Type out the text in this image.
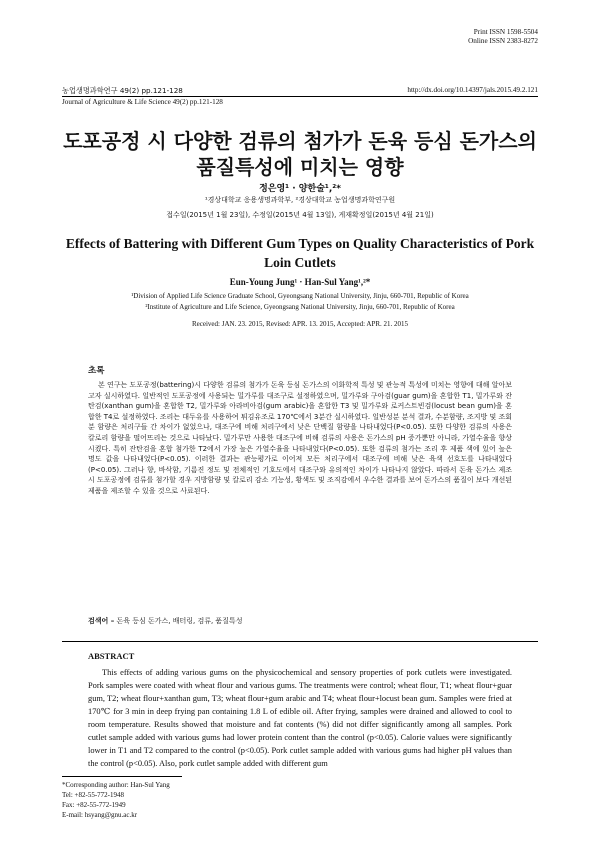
Print ISSN 1598-5504
Online ISSN 2383-8272
농업생명과학연구 49(2) pp.121-128	http://dx.doi.org/10.14397/jals.2015.49.2.121
Journal of Agriculture & Life Science 49(2) pp.121-128
도포공정 시 다양한 검류의 첨가가 돈육 등심 돈가스의 품질특성에 미치는 영향
정은영¹ · 양한술¹,²*
¹경상대학교 응용생명과학부, ²경상대학교 농업생명과학연구원
접수일(2015년 1월 23일), 수정일(2015년 4월 13일), 게재확정일(2015년 4월 21일)
Effects of Battering with Different Gum Types on Quality Characteristics of Pork Loin Cutlets
Eun-Young Jung¹ · Han-Sul Yang¹,²*
¹Division of Applied Life Science Graduate School, Gyeongsang National University, Jinju, 660-701, Republic of Korea
²Institute of Agriculture and Life Science, Gyeongsang National University, Jinju, 660-701, Republic of Korea
Received: JAN. 23. 2015, Revised: APR. 13. 2015, Accepted: APR. 21. 2015
초록
본 연구는 도포공정(battering)시 다양한 검류의 첨가가 돈육 등심 돈가스의 이화학적 특성 및 관능적 특성에 미치는 영향에 대해 알아보고자 실시하였다. 일반적인 도포공정에 사용되는 밀가루를 대조구로 설정하였으며, 밀가루와 구아검(guar gum)을 혼합한 T1, 밀가루와 잔탄검(xanthan gum)을 혼합한 T2, 밀가루와 아라비아검(gum arabic)을 혼합한 T3 및 밀가루와 로커스트빈검(locust bean gum)을 혼합한 T4로 설정하였다. 조리는 대두유를 사용하여 튀김유조로 170℃에서 3분간 실시하였다. 일반성분 분석 결과, 수분함량, 조지방 및 조회분 함량은 처리구들 간 차이가 없었으나, 대조구에 비해 처리구에서 낮은 단백질 함량을 나타내었다(P<0.05). 또한 다양한 검류의 사용은 칼로리 함량을 떨어뜨리는 것으로 나타났다. 밀가루만 사용한 대조구에 비해 검류의 사용은 돈가스의 pH 증가뿐만 아니라, 가열수율을 향상시켰다. 특히 잔탄검을 혼합 첨가한 T2에서 가장 높은 가열수율을 나타내었다(P<0.05). 또한 검류의 첨가는 조리 후 제품 색에 있어 높은 명도 값을 나타내었다(P<0.05). 이러한 결과는 관능평가로 이어져 모든 처리구에서 대조구에 비해 낮은 육색 선호도를 나타내었다(P<0.05). 그러나 향, 바삭함, 기름진 정도 및 전체적인 기호도에서 대조구와 유의적인 차이가 나타나지 않았다. 따라서 돈육 돈가스 제조 시 도포공정에 검류를 첨가할 경우 지방함량 및 칼로리 감소 기능성, 황색도 및 조직감에서 우수한 결과를 보여 돈가스의 품질이 보다 개선된 제품을 제조할 수 있을 것으로 사료된다.
검색어 – 돈육 등심 돈가스, 배터링, 검류, 품질특성
ABSTRACT
This effects of adding various gums on the physicochemical and sensory properties of pork cutlets were investigated. Pork samples were coated with wheat flour and various gums. The treatments were control; wheat flour, T1; wheat flour+guar gum, T2; wheat flour+xanthan gum, T3; wheat flour+gum arabic and T4; wheat flour+locust bean gum. Samples were fried at 170℃ for 3 min in deep frying pan containing 1.8 L of edible oil. After frying, samples were drained and allowed to cool to room temperature. Results showed that moisture and fat contents (%) did not differ significantly among all samples. Pork cutlet sample added with various gums had lower protein content than the control (p<0.05). Calorie values were significantly lower in T1 and T2 compared to the control (p<0.05). Pork cutlet sample added with various gums had higher pH values than the control (p<0.05). Also, pork cutlet sample added with different gum
*Corresponding author: Han-Sul Yang
Tel: +82-55-772-1948
Fax: +82-55-772-1949
E-mail: hsyang@gnu.ac.kr
